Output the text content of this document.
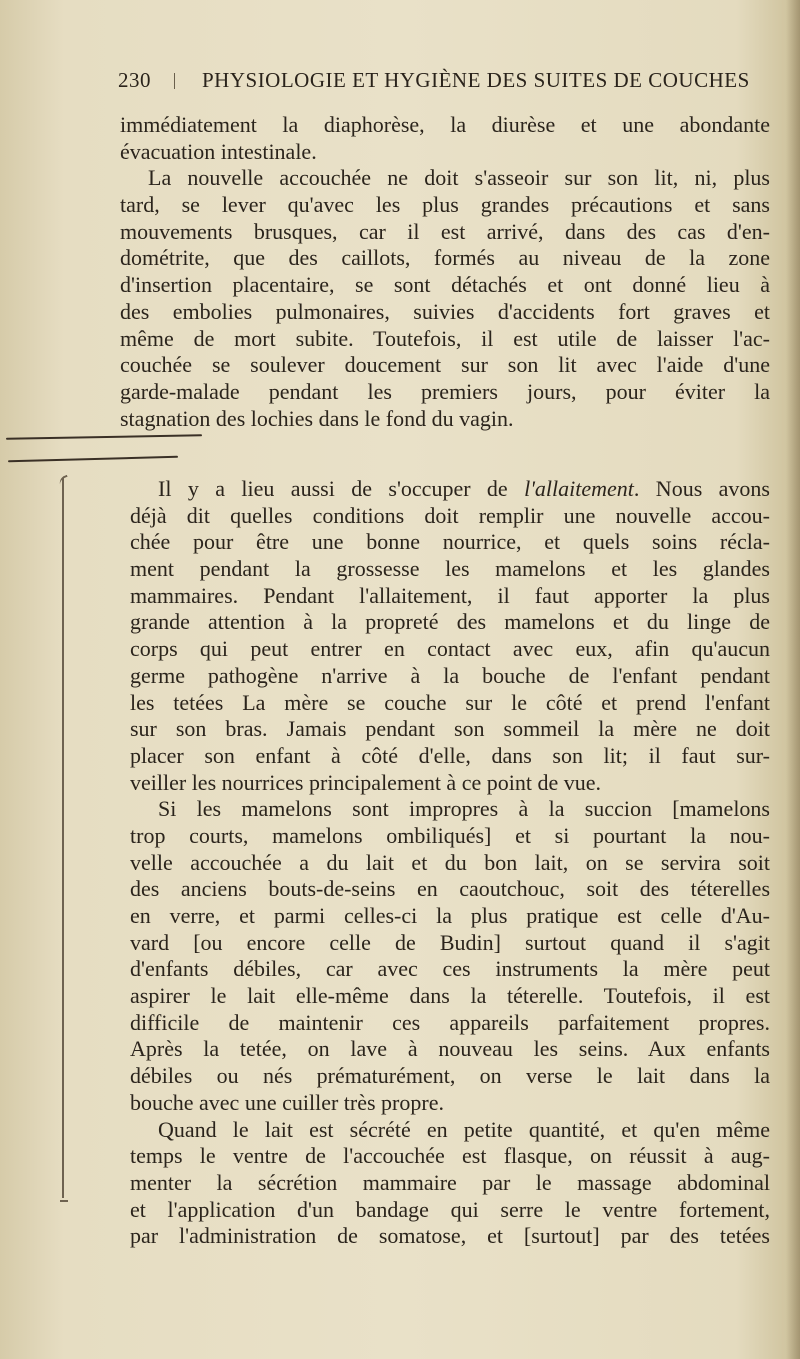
230 PHYSIOLOGIE ET HYGIÈNE DES SUITES DE COUCHES
immédiatement la diaphorèse, la diurèse et une abondante
évacuation intestinale.
La nouvelle accouchée ne doit s'asseoir sur son lit, ni, plus
tard, se lever qu'avec les plus grandes précautions et sans
mouvements brusques, car il est arrivé, dans des cas d'en-
dométrite, que des caillots, formés au niveau de la zone
d'insertion placentaire, se sont détachés et ont donné lieu à
des embolies pulmonaires, suivies d'accidents fort graves et
même de mort subite. Toutefois, il est utile de laisser l'ac-
couchée se soulever doucement sur son lit avec l'aide d'une
garde-malade pendant les premiers jours, pour éviter la
stagnation des lochies dans le fond du vagin.
Il y a lieu aussi de s'occuper de l'allaitement. Nous avons
déjà dit quelles conditions doit remplir une nouvelle accou-
chée pour être une bonne nourrice, et quels soins récla-
ment pendant la grossesse les mamelons et les glandes
mammaires. Pendant l'allaitement, il faut apporter la plus
grande attention à la propreté des mamelons et du linge de
corps qui peut entrer en contact avec eux, afin qu'aucun
germe pathogène n'arrive à la bouche de l'enfant pendant
les tetées La mère se couche sur le côté et prend l'enfant
sur son bras. Jamais pendant son sommeil la mère ne doit
placer son enfant à côté d'elle, dans son lit; il faut sur-
veiller les nourrices principalement à ce point de vue.
Si les mamelons sont impropres à la succion [mamelons
trop courts, mamelons ombiliqués] et si pourtant la nou-
velle accouchée a du lait et du bon lait, on se servira soit
des anciens bouts-de-seins en caoutchouc, soit des téterelles
en verre, et parmi celles-ci la plus pratique est celle d'Au-
vard [ou encore celle de Budin] surtout quand il s'agit
d'enfants débiles, car avec ces instruments la mère peut
aspirer le lait elle-même dans la téterelle. Toutefois, il est
difficile de maintenir ces appareils parfaitement propres.
Après la tetée, on lave à nouveau les seins. Aux enfants
débiles ou nés prématurément, on verse le lait dans la
bouche avec une cuiller très propre.
Quand le lait est sécrété en petite quantité, et qu'en même
temps le ventre de l'accouchée est flasque, on réussit à aug-
menter la sécrétion mammaire par le massage abdominal
et l'application d'un bandage qui serre le ventre fortement,
par l'administration de somatose, et [surtout] par des tetées
